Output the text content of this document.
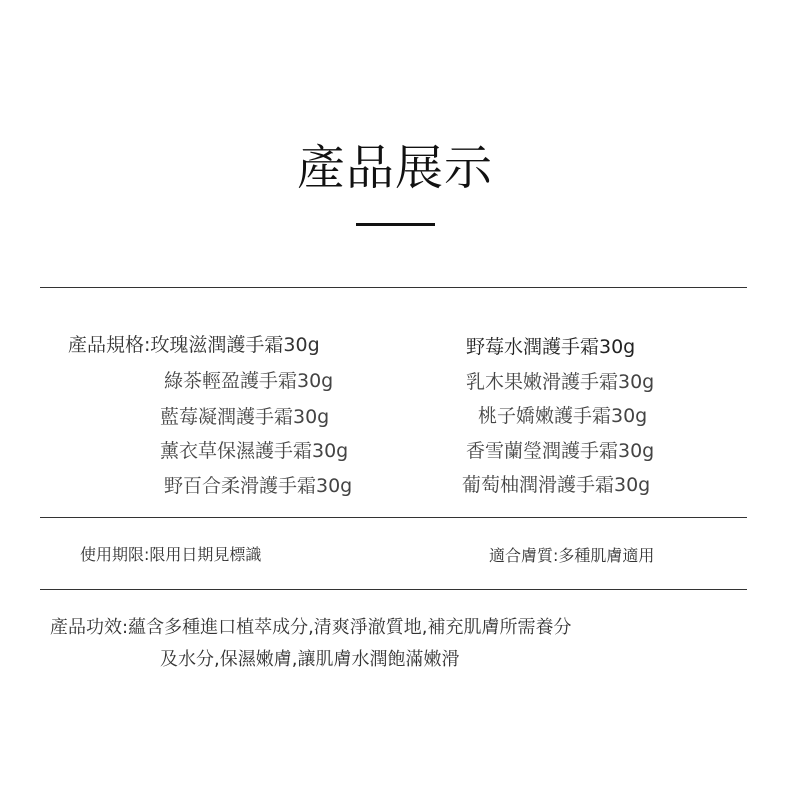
產品展示
產品規格:玫瑰滋潤護手霜30g
綠茶輕盈護手霜30g
藍莓凝潤護手霜30g
薰衣草保濕護手霜30g
野百合柔滑護手霜30g
野莓水潤護手霜30g
乳木果嫩滑護手霜30g
桃子嬌嫩護手霜30g
香雪蘭瑩潤護手霜30g
葡萄柚潤滑護手霜30g
使用期限:限用日期見標識	適合膚質:多種肌膚適用
產品功效:蘊含多種進口植萃成分,清爽淨澈質地,補充肌膚所需養分
及水分,保濕嫩膚,讓肌膚水潤飽滿嫩滑
